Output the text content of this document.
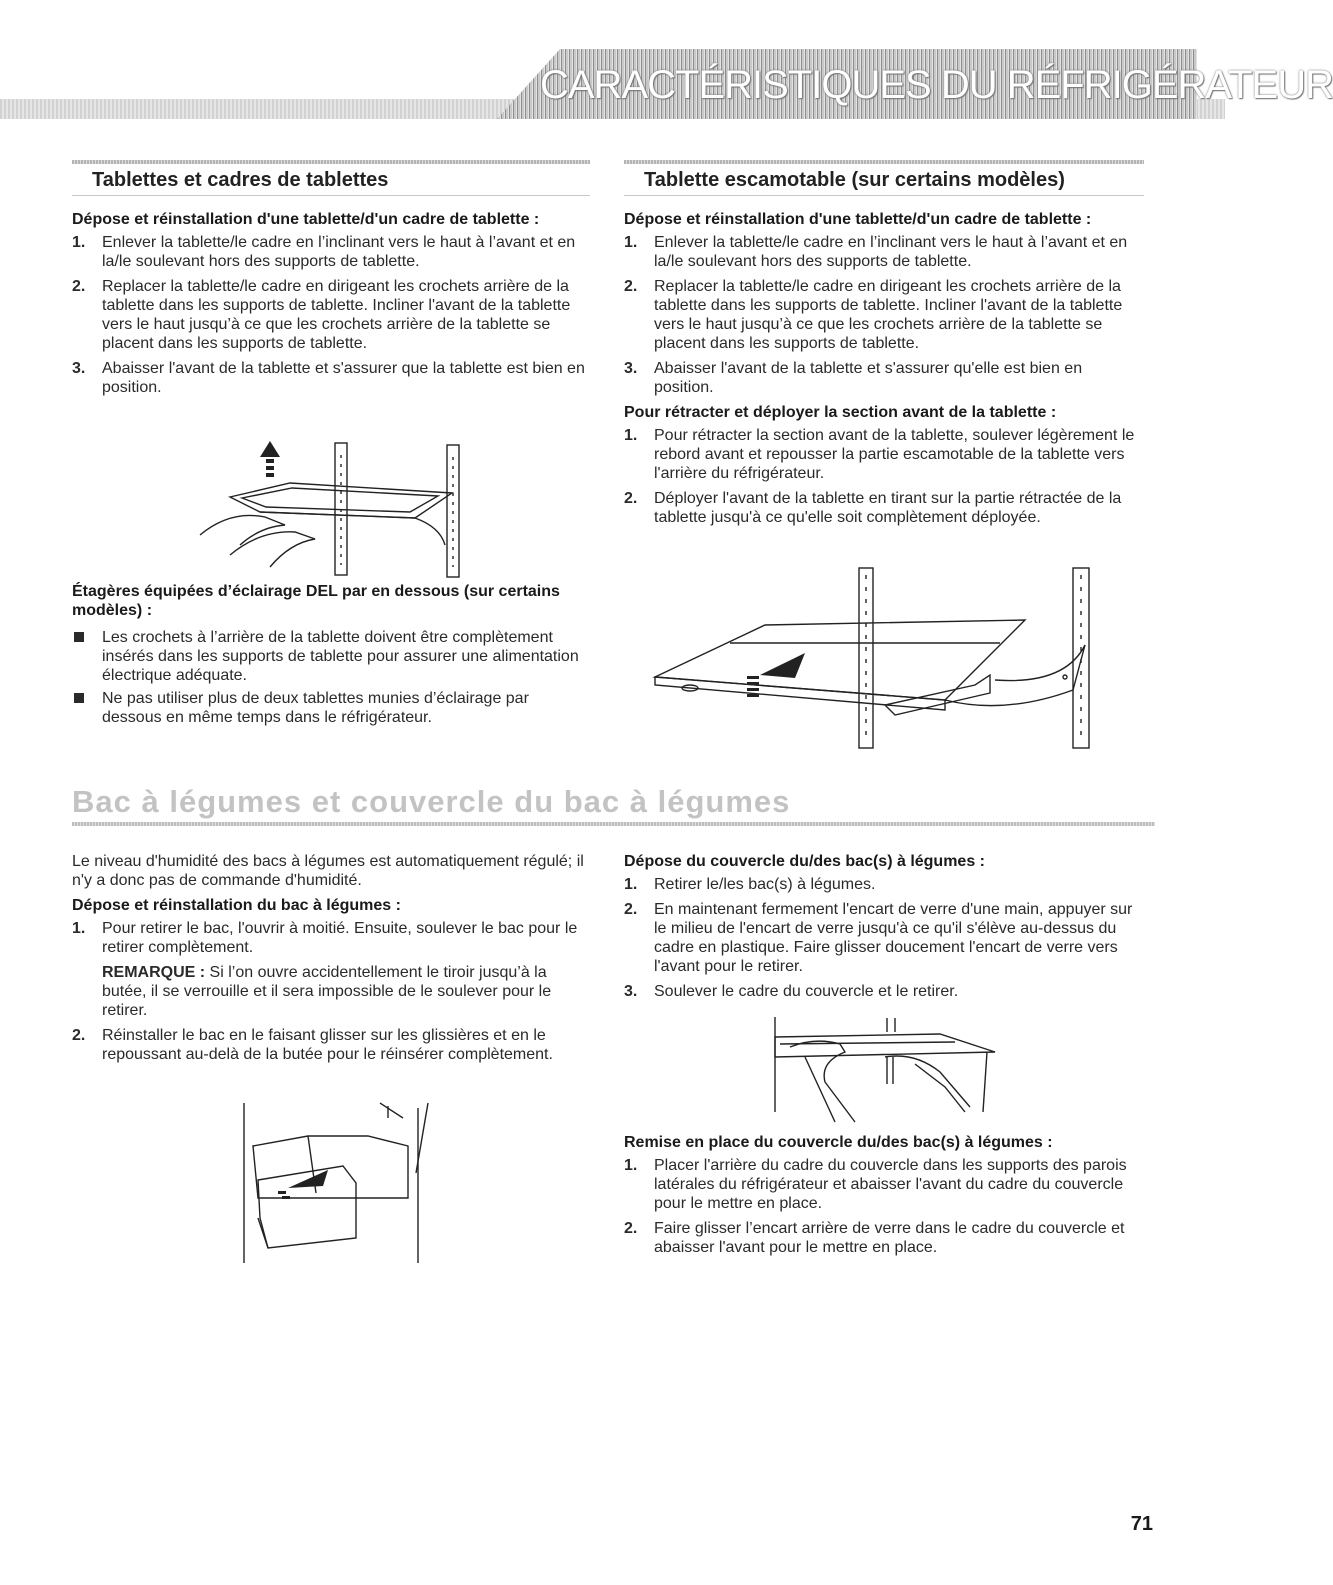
CARACTÉRISTIQUES DU RÉFRIGÉRATEUR
Tablettes et cadres de tablettes	Tablette escamotable (sur certains modèles)

Dépose et réinstallation d'une tablette/d'un cadre de tablette :

1. Enlever la tablette/le cadre en l’inclinant vers le haut à l’avant et en la/le soulevant hors des supports de tablette.
2. Replacer la tablette/le cadre en dirigeant les crochets arrière de la tablette dans les supports de tablette. Incliner l'avant de la tablette vers le haut jusqu’à ce que les crochets arrière de la tablette se placent dans les supports de tablette.
3. Abaisser l'avant de la tablette et s'assurer que la tablette est bien en position.

Étagères équipées d’éclairage DEL par en dessous (sur certains modèles) :

Les crochets à l’arrière de la tablette doivent être complètement insérés dans les supports de tablette pour assurer une alimentation électrique adéquate.
Ne pas utiliser plus de deux tablettes munies d’éclairage par dessous en même temps dans le réfrigérateur.

Dépose et réinstallation d'une tablette/d'un cadre de tablette :

1. Enlever la tablette/le cadre en l’inclinant vers le haut à l’avant et en la/le soulevant hors des supports de tablette.
2. Replacer la tablette/le cadre en dirigeant les crochets arrière de la tablette dans les supports de tablette. Incliner l'avant de la tablette vers le haut jusqu’à ce que les crochets arrière de la tablette se placent dans les supports de tablette.
3. Abaisser l'avant de la tablette et s'assurer qu'elle est bien en position.

Pour rétracter et déployer la section avant de la tablette :

1. Pour rétracter la section avant de la tablette, soulever légèrement le rebord avant et repousser la partie escamotable de la tablette vers l'arrière du réfrigérateur.
2. Déployer l'avant de la tablette en tirant sur la partie rétractée de la tablette jusqu'à ce qu'elle soit complètement déployée.
Bac à légumes et couvercle du bac à légumes

Le niveau d'humidité des bacs à légumes est automatiquement régulé; il n'y a donc pas de commande d'humidité.

Dépose et réinstallation du bac à légumes :

1. Pour retirer le bac, l'ouvrir à moitié. Ensuite, soulever le bac pour le retirer complètement.
REMARQUE : Si l’on ouvre accidentellement le tiroir jusqu’à la butée, il se verrouille et il sera impossible de le soulever pour le retirer.
2. Réinstaller le bac en le faisant glisser sur les glissières et en le repoussant au-delà de la butée pour le réinsérer complètement.

Dépose du couvercle du/des bac(s) à légumes :

1. Retirer le/les bac(s) à légumes.
2. En maintenant fermement l'encart de verre d'une main, appuyer sur le milieu de l'encart de verre jusqu'à ce qu'il s'élève au-dessus du cadre en plastique. Faire glisser doucement l'encart de verre vers l'avant pour le retirer.
3. Soulever le cadre du couvercle et le retirer.

Remise en place du couvercle du/des bac(s) à légumes :

1. Placer l'arrière du cadre du couvercle dans les supports des parois latérales du réfrigérateur et abaisser l'avant du cadre du couvercle pour le mettre en place.
2. Faire glisser l’encart arrière de verre dans le cadre du couvercle et abaisser l'avant pour le mettre en place.
71
